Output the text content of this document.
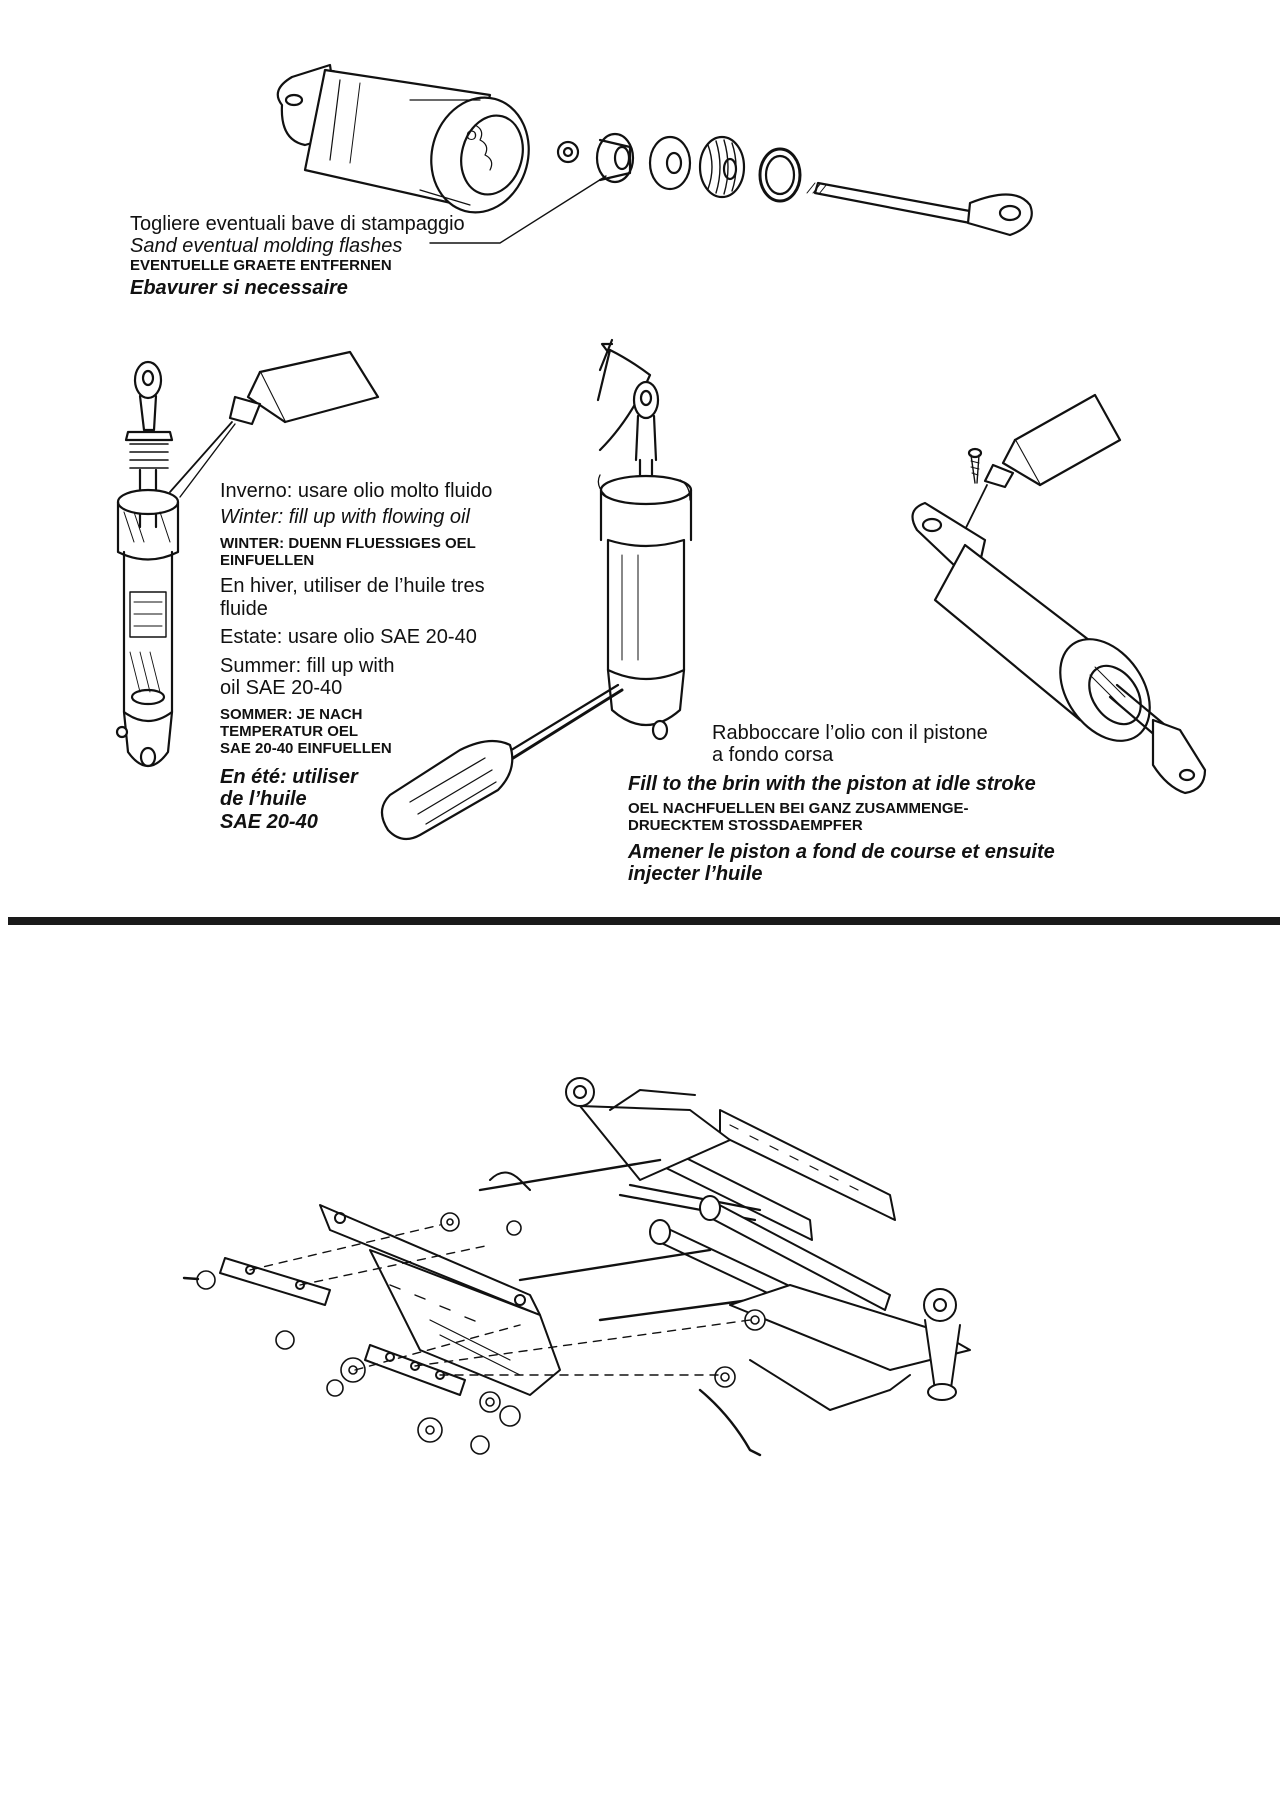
O
Togliere eventuali bave di stampaggio
Sand eventual molding flashes
EVENTUELLE GRAETE ENTFERNEN
Ebavurer si necessaire
Inverno: usare olio molto fluido
Winter: fill up with flowing oil
WINTER: DUENN FLUESSIGES OEL
EINFUELLEN
En hiver, utiliser de l’huile tres
fluide
Estate: usare olio SAE 20-40
Summer: fill up with
oil SAE 20-40
SOMMER: JE NACH
TEMPERATUR OEL
SAE 20-40 EINFUELLEN
En été: utiliser
de l’huile
SAE 20-40
Rabboccare l’olio con il pistone
a fondo corsa
Fill to the brin with the piston at idle stroke
OEL NACHFUELLEN BEI GANZ ZUSAMMENGE-
DRUECKTEM STOSSDAEMPFER
Amener le piston a fond de course et ensuite
injecter l’huile
